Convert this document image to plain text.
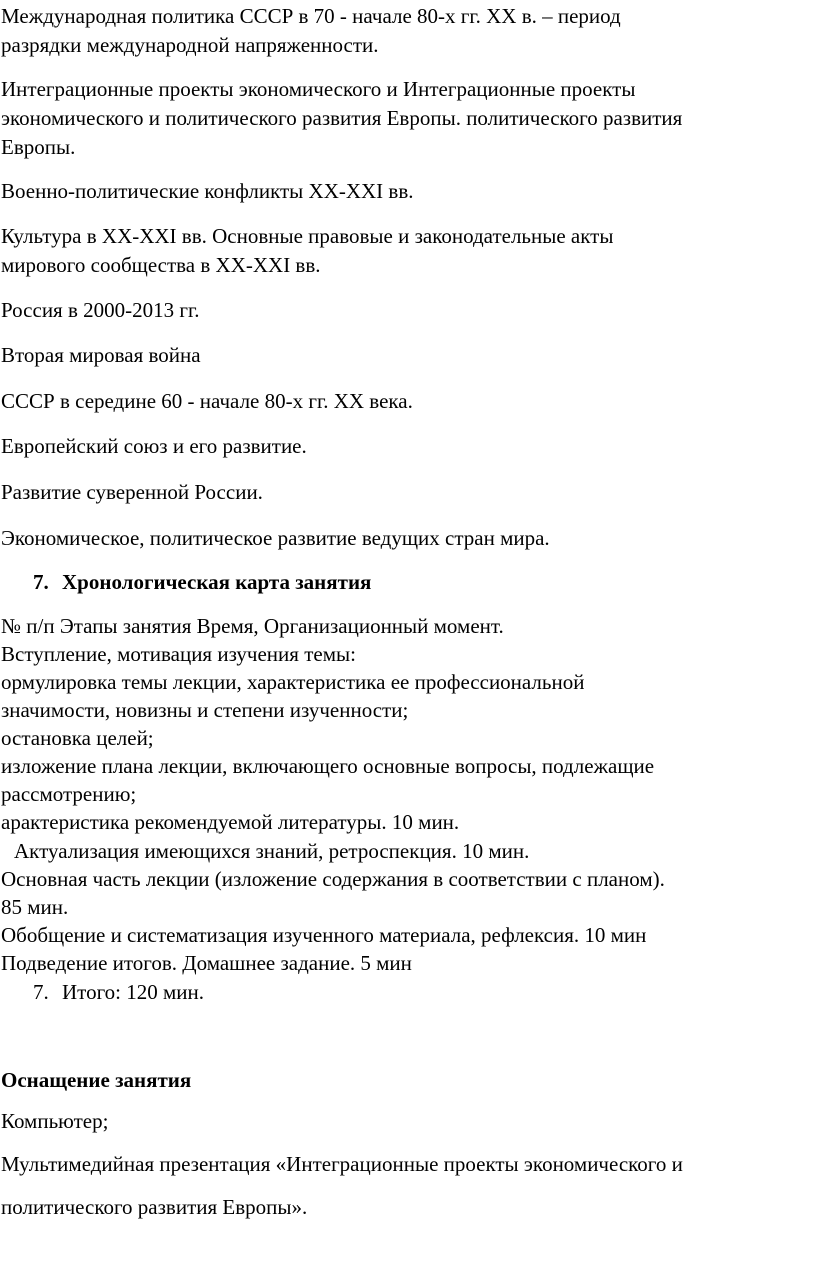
Международная политика СССР в 70 - начале 80-х гг. XX в. – период
разрядки международной напряженности.
Интеграционные проекты экономического и Интеграционные проекты
экономического и политического развития Европы. политического развития
Европы.
Военно-политические конфликты XX-XXI вв.
Культура в XX-XXI вв. Основные правовые и законодательные акты
мирового сообщества в XX-XXI вв.
Россия в 2000-2013 гг.
Вторая мировая война
СССР в середине 60 - начале 80-х гг. XX века.
Европейский союз и его развитие.
Развитие суверенной России.
Экономическое, политическое развитие ведущих стран мира.
7. Хронологическая карта занятия
№ п/п Этапы занятия Время, Организационный момент.
Вступление, мотивация изучения темы:
ормулировка темы лекции, характеристика ее профессиональной
значимости, новизны и степени изученности;
остановка целей;
изложение плана лекции, включающего основные вопросы, подлежащие
рассмотрению;
арактеристика рекомендуемой литературы. 10 мин.
Актуализация имеющихся знаний, ретроспекция. 10 мин.
Основная часть лекции (изложение содержания в соответствии с планом).
85 мин.
Обобщение и систематизация изученного материала, рефлексия. 10 мин
Подведение итогов. Домашнее задание. 5 мин
7. Итого: 120 мин.
Оснащение занятия
Компьютер;
Мультимедийная презентация «Интеграционные проекты экономического и
политического развития Европы».
